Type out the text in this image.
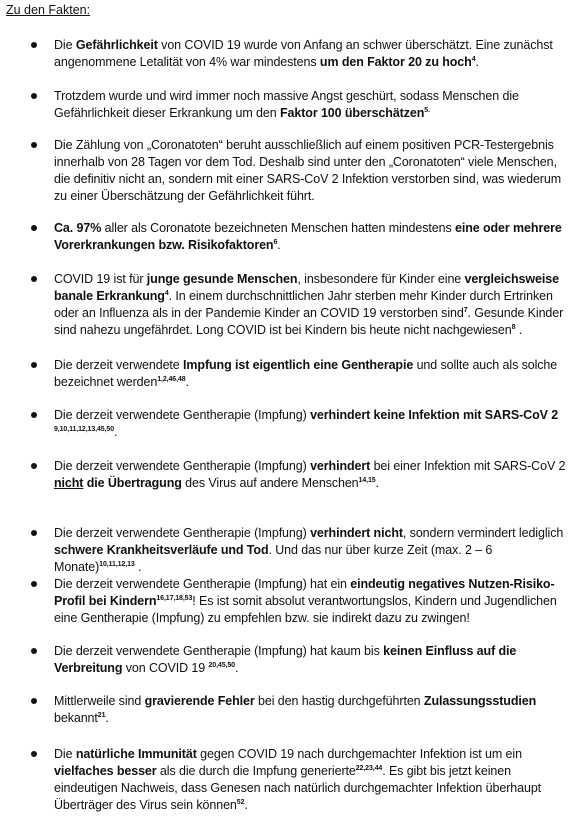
Zu den Fakten:
Die Gefährlichkeit von COVID 19 wurde von Anfang an schwer überschätzt. Eine zunächst angenommene Letalität von 4% war mindestens um den Faktor 20 zu hoch$^4$.
Trotzdem wurde und wird immer noch massive Angst geschürt, sodass Menschen die Gefährlichkeit dieser Erkrankung um den Faktor 100 überschätzen$^{5.}$
Die Zählung von „Coronatoten“ beruht ausschließlich auf einem positiven PCR-Testergebnis innerhalb von 28 Tagen vor dem Tod. Deshalb sind unter den „Coronatoten“ viele Menschen, die definitiv nicht an, sondern mit einer SARS-CoV 2 Infektion verstorben sind, was wiederum zu einer Überschätzung der Gefährlichkeit führt.
Ca. 97% aller als Coronatote bezeichneten Menschen hatten mindestens eine oder mehrere Vorerkrankungen bzw. Risikofaktoren$^6$.
COVID 19 ist für junge gesunde Menschen, insbesondere für Kinder eine vergleichsweise banale Erkrankung$^4$. In einem durchschnittlichen Jahr sterben mehr Kinder durch Ertrinken oder an Influenza als in der Pandemie Kinder an COVID 19 verstorben sind$^7$. Gesunde Kinder sind nahezu ungefährdet. Long COVID ist bei Kindern bis heute nicht nachgewiesen$^8$ .
Die derzeit verwendete Impfung ist eigentlich eine Gentherapie und sollte auch als solche bezeichnet werden$^{1,2,46,48}$.
Die derzeit verwendete Gentherapie (Impfung) verhindert keine Infektion mit SARS-CoV 2 $^{9,10,11,12,13,45,50}$.
Die derzeit verwendete Gentherapie (Impfung) verhindert bei einer Infektion mit SARS-CoV 2 nicht die Übertragung des Virus auf andere Menschen$^{14,15}$.
Die derzeit verwendete Gentherapie (Impfung) verhindert nicht, sondern vermindert lediglich schwere Krankheitsverläufe und Tod. Und das nur über kurze Zeit (max. 2 – 6 Monate)$^{10,11,12,13}$ .
Die derzeit verwendete Gentherapie (Impfung) hat ein eindeutig negatives Nutzen-Risiko-Profil bei Kindern$^{16,17,18,53}$! Es ist somit absolut verantwortungslos, Kindern und Jugendlichen eine Gentherapie (Impfung) zu empfehlen bzw. sie indirekt dazu zu zwingen!
Die derzeit verwendete Gentherapie (Impfung) hat kaum bis keinen Einfluss auf die Verbreitung von COVID 19 $^{20,45,50}$.
Mittlerweile sind gravierende Fehler bei den hastig durchgeführten Zulassungsstudien bekannt$^{21}$.
Die natürliche Immunität gegen COVID 19 nach durchgemachter Infektion ist um ein vielfaches besser als die durch die Impfung generierte$^{22,23,44}$. Es gibt bis jetzt keinen eindeutigen Nachweis, dass Genesen nach natürlich durchgemachter Infektion überhaupt Überträger des Virus sein können$^{52}$.
